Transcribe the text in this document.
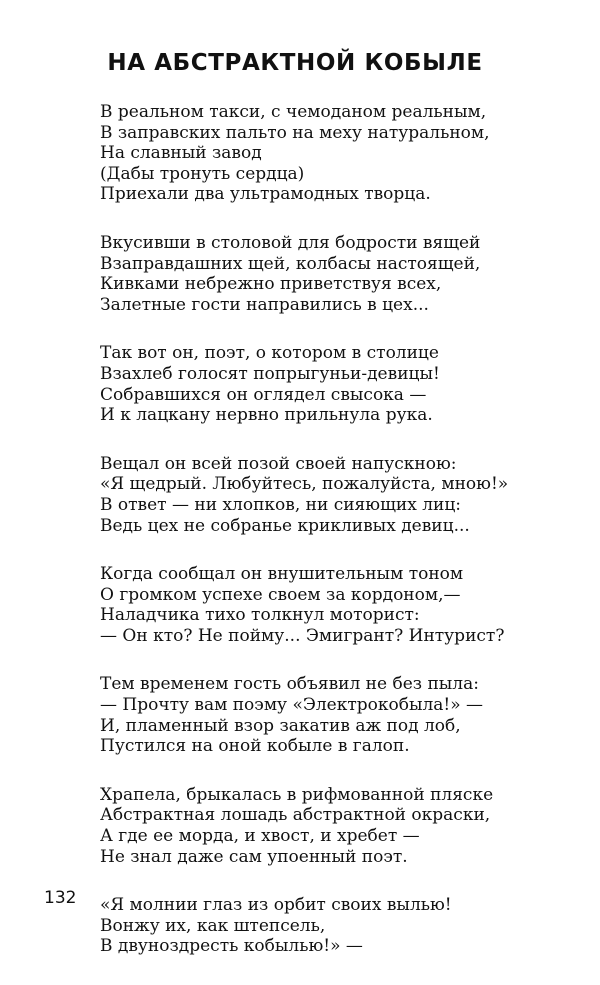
НА АБСТРАКТНОЙ КОБЫЛЕ
В реальном такси, с чемоданом реальным,
В заправских пальто на меху натуральном,
На славный завод
(Дабы тронуть сердца)
Приехали два ультрамодных творца.
Вкусивши в столовой для бодрости вящей
Взаправдашних щей, колбасы настоящей,
Кивками небрежно приветствуя всех,
Залетные гости направились в цех...
Так вот он, поэт, о котором в столице
Взахлеб голосят попрыгуньи-девицы!
Собравшихся он оглядел свысока —
И к лацкану нервно прильнула рука.
Вещал он всей позой своей напускною:
«Я щедрый. Любуйтесь, пожалуйста, мною!»
В ответ — ни хлопков, ни сияющих лиц:
Ведь цех не собранье крикливых девиц...
Когда сообщал он внушительным тоном
О громком успехе своем за кордоном,—
Наладчика тихо толкнул моторист:
— Он кто? Не пойму... Эмигрант? Интурист?
Тем временем гость объявил не без пыла:
— Прочту вам поэму «Электрокобыла!» —
И, пламенный взор закатив аж под лоб,
Пустился на оной кобыле в галоп.
Храпела, брыкалась в рифмованной пляске
Абстрактная лошадь абстрактной окраски,
А где ее морда, и хвост, и хребет —
Не знал даже сам упоенный поэт.
«Я молнии глаз из орбит своих вылью!
Вонжу их, как штепсель,
В двуноздресть кобылью!» —

132
